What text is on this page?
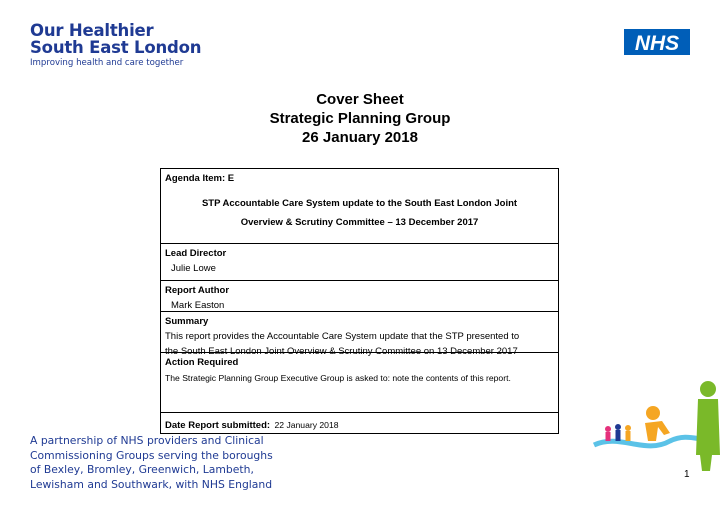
Our Healthier
South East London
Improving health and care together
NHS
Cover Sheet
Strategic Planning Group
26 January 2018
Agenda Item: E
STP Accountable Care System update to the South East London Joint
Overview & Scrutiny Committee – 13 December 2017
Lead Director
Julie Lowe
Report Author
Mark Easton
Summary
This report provides the Accountable Care System update that the STP presented to
the South East London Joint Overview & Scrutiny Committee on 13 December 2017
Action Required
The Strategic Planning Group Executive Group is asked to: note the contents of this report.
Date Report submitted: 22 January 2018
A partnership of NHS providers and Clinical
Commissioning Groups serving the boroughs
of Bexley, Bromley, Greenwich, Lambeth,
Lewisham and Southwark, with NHS England
1
